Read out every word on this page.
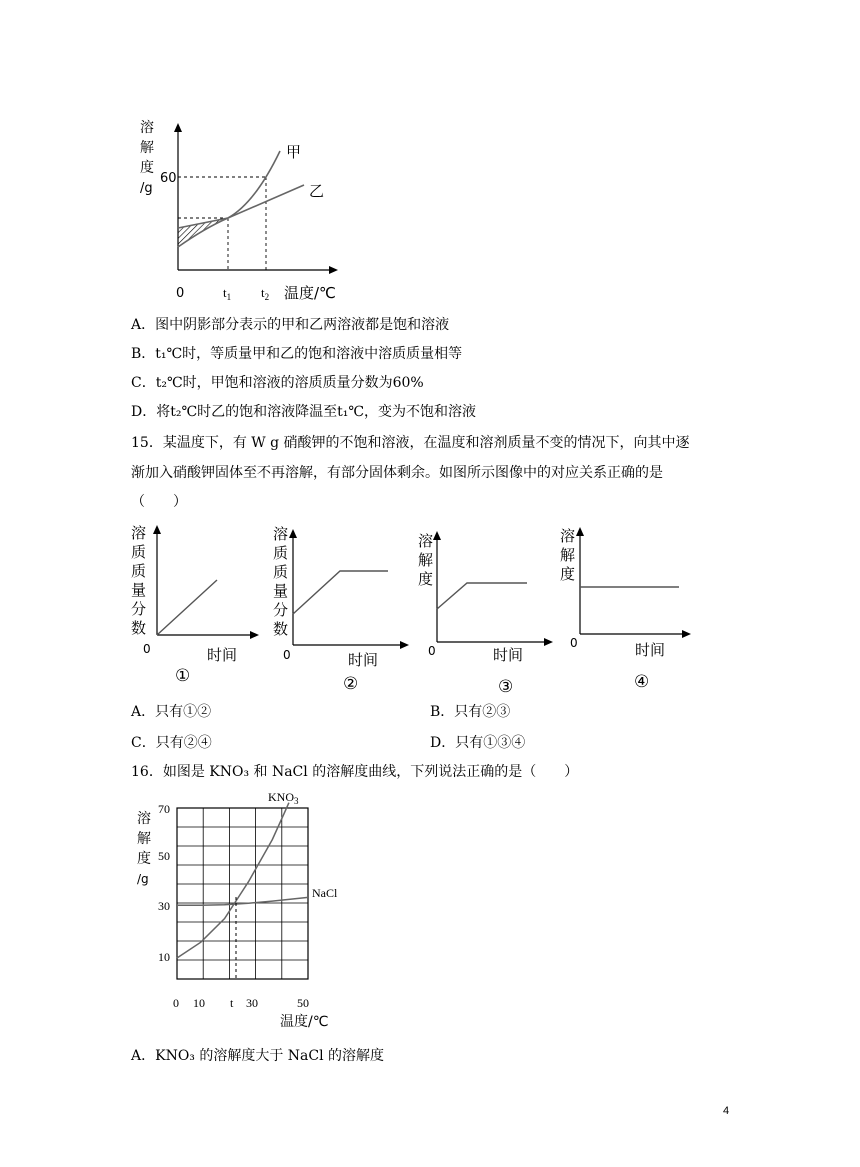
溶
解
度
/g
60
甲
乙
0	$t_1$ $t_2$ 温度/℃
A．图中阴影部分表示的甲和乙两溶液都是饱和溶液
B．t₁℃时，等质量甲和乙的饱和溶液中溶质质量相等
C．t₂℃时，甲饱和溶液的溶质质量分数为60%
D．将t₂℃时乙的饱和溶液降温至t₁℃，变为不饱和溶液
15．某温度下，有 W g 硝酸钾的不饱和溶液，在温度和溶剂质量不变的情况下，向其中逐
渐加入硝酸钾固体至不再溶解，有部分固体剩余。如图所示图像中的对应关系正确的是
（　　）
溶
质
质
量
分
数
0	时间
①
溶
质
质
量
分
数
0	时间
②
溶
解
度
0	时间
③
溶
解
度
0	时间
④
A．只有①②	B．只有②③
C．只有②④	D．只有①③④
16．如图是 KNO₃ 和 NaCl 的溶解度曲线，下列说法正确的是（　　）
溶
解
度
/g
70
50
30
10
0 10 t 30	50
温度/℃
$KNO_3$
NaCl
A．KNO₃ 的溶解度大于 NaCl 的溶解度
4
